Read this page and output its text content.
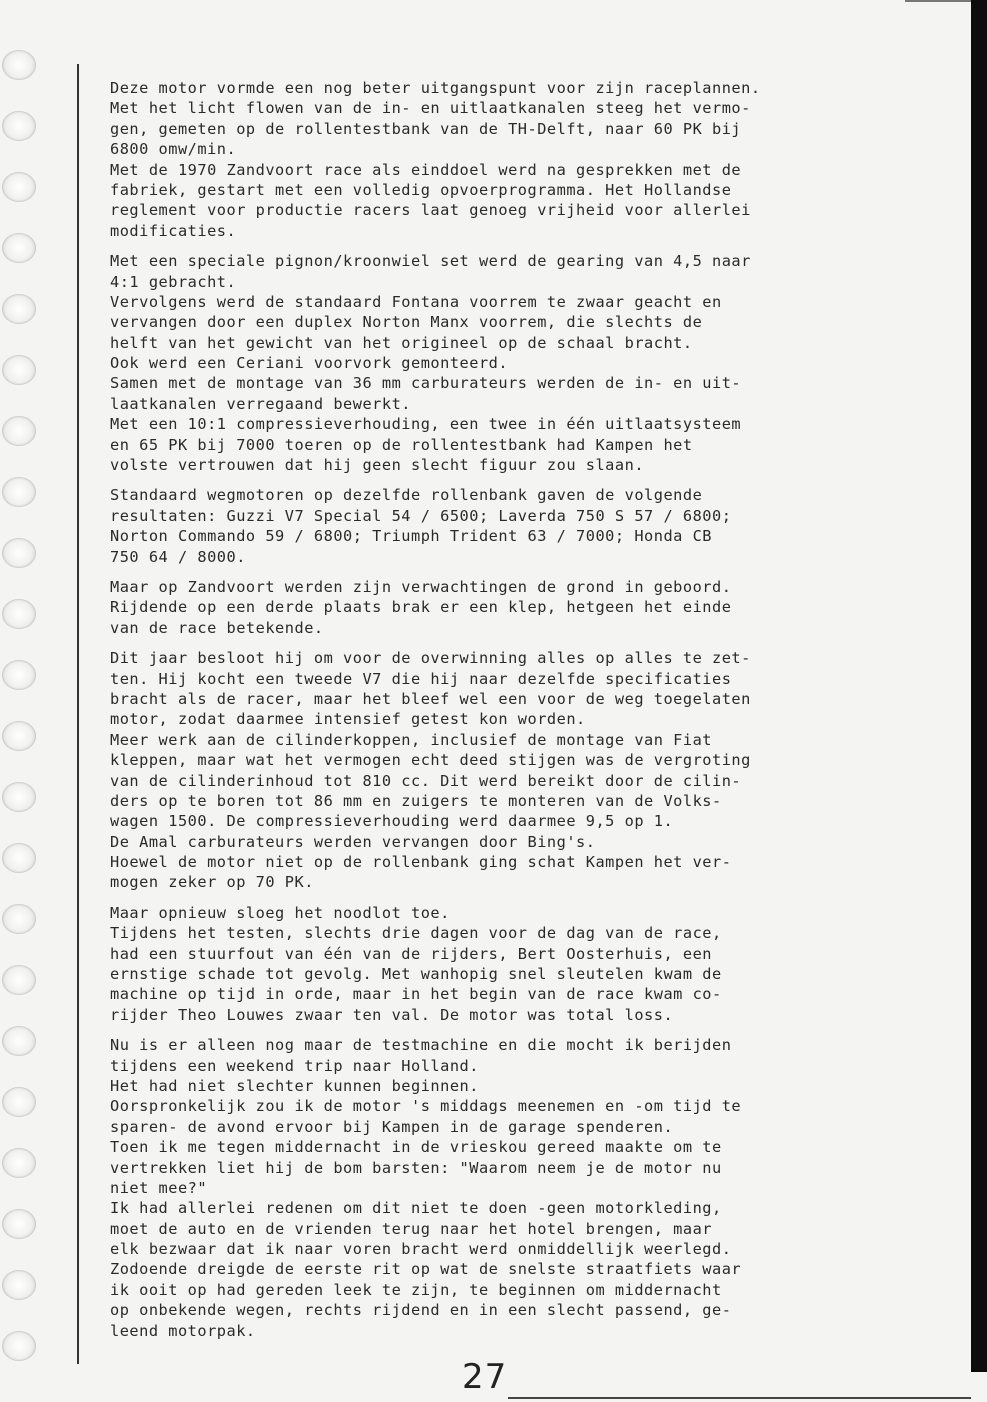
Deze motor vormde een nog beter uitgangspunt voor zijn raceplannen.
Met het licht flowen van de in- en uitlaatkanalen steeg het vermo-
gen, gemeten op de rollentestbank van de TH-Delft, naar 60 PK bij
6800 omw/min.
Met de 1970 Zandvoort race als einddoel werd na gesprekken met de
fabriek, gestart met een volledig opvoerprogramma. Het Hollandse
reglement voor productie racers laat genoeg vrijheid voor allerlei
modificaties.
Met een speciale pignon/kroonwiel set werd de gearing van 4,5 naar
4:1 gebracht.
Vervolgens werd de standaard Fontana voorrem te zwaar geacht en
vervangen door een duplex Norton Manx voorrem, die slechts de
helft van het gewicht van het origineel op de schaal bracht.
Ook werd een Ceriani voorvork gemonteerd.
Samen met de montage van 36 mm carburateurs werden de in- en uit-
laatkanalen verregaand bewerkt.
Met een 10:1 compressieverhouding, een twee in één uitlaatsysteem
en 65 PK bij 7000 toeren op de rollentestbank had Kampen het
volste vertrouwen dat hij geen slecht figuur zou slaan.
Standaard wegmotoren op dezelfde rollenbank gaven de volgende
resultaten: Guzzi V7 Special 54 / 6500; Laverda 750 S 57 / 6800;
Norton Commando 59 / 6800; Triumph Trident 63 / 7000; Honda CB
750 64 / 8000.
Maar op Zandvoort werden zijn verwachtingen de grond in geboord.
Rijdende op een derde plaats brak er een klep, hetgeen het einde
van de race betekende.
Dit jaar besloot hij om voor de overwinning alles op alles te zet-
ten. Hij kocht een tweede V7 die hij naar dezelfde specificaties
bracht als de racer, maar het bleef wel een voor de weg toegelaten
motor, zodat daarmee intensief getest kon worden.
Meer werk aan de cilinderkoppen, inclusief de montage van Fiat
kleppen, maar wat het vermogen echt deed stijgen was de vergroting
van de cilinderinhoud tot 810 cc. Dit werd bereikt door de cilin-
ders op te boren tot 86 mm en zuigers te monteren van de Volks-
wagen 1500. De compressieverhouding werd daarmee 9,5 op 1.
De Amal carburateurs werden vervangen door Bing's.
Hoewel de motor niet op de rollenbank ging schat Kampen het ver-
mogen zeker op 70 PK.
Maar opnieuw sloeg het noodlot toe.
Tijdens het testen, slechts drie dagen voor de dag van de race,
had een stuurfout van één van de rijders, Bert Oosterhuis, een
ernstige schade tot gevolg. Met wanhopig snel sleutelen kwam de
machine op tijd in orde, maar in het begin van de race kwam co-
rijder Theo Louwes zwaar ten val. De motor was total loss.
Nu is er alleen nog maar de testmachine en die mocht ik berijden
tijdens een weekend trip naar Holland.
Het had niet slechter kunnen beginnen.
Oorspronkelijk zou ik de motor 's middags meenemen en -om tijd te
sparen- de avond ervoor bij Kampen in de garage spenderen.
Toen ik me tegen middernacht in de vrieskou gereed maakte om te
vertrekken liet hij de bom barsten: "Waarom neem je de motor nu
niet mee?"
Ik had allerlei redenen om dit niet te doen -geen motorkleding,
moet de auto en de vrienden terug naar het hotel brengen, maar
elk bezwaar dat ik naar voren bracht werd onmiddellijk weerlegd.
Zodoende dreigde de eerste rit op wat de snelste straatfiets waar
ik ooit op had gereden leek te zijn, te beginnen om middernacht
op onbekende wegen, rechts rijdend en in een slecht passend, ge-
leend motorpak.
27
